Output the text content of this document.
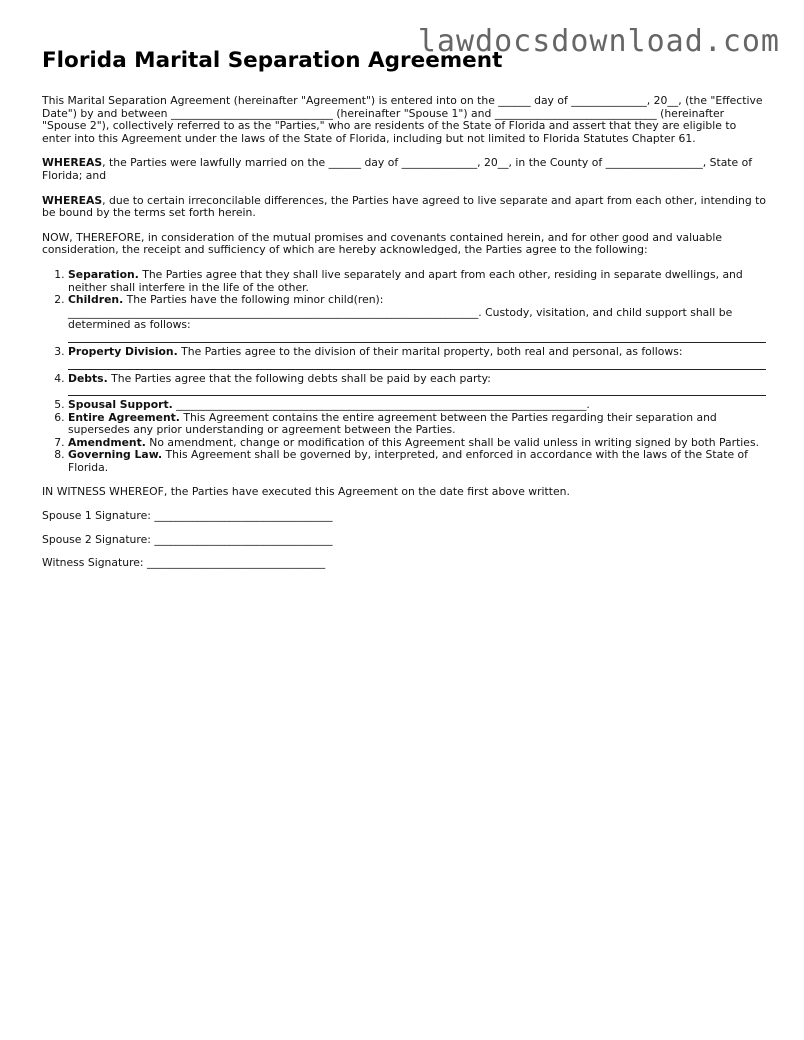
lawdocsdownload.com
Florida Marital Separation Agreement

This Marital Separation Agreement (hereinafter "Agreement") is entered into on the ______ day of ______________, 20__, (the "Effective Date") by and between ______________________________ (hereinafter "Spouse 1") and ______________________________ (hereinafter "Spouse 2"), collectively referred to as the "Parties," who are residents of the State of Florida and assert that they are eligible to enter into this Agreement under the laws of the State of Florida, including but not limited to Florida Statutes Chapter 61.

WHEREAS, the Parties were lawfully married on the ______ day of ______________, 20__, in the County of __________________, State of Florida; and

WHEREAS, due to certain irreconcilable differences, the Parties have agreed to live separate and apart from each other, intending to be bound by the terms set forth herein.

NOW, THEREFORE, in consideration of the mutual promises and covenants contained herein, and for other good and valuable consideration, the receipt and sufficiency of which are hereby acknowledged, the Parties agree to the following:

1. Separation. The Parties agree that they shall live separately and apart from each other, residing in separate dwellings, and neither shall interfere in the life of the other.
2. Children. The Parties have the following minor child(ren):
____________________________________________________________________________. Custody, visitation, and child support shall be determined as follows:
3. Property Division. The Parties agree to the division of their marital property, both real and personal, as follows:
4. Debts. The Parties agree that the following debts shall be paid by each party:
5. Spousal Support. ____________________________________________________________________________.
6. Entire Agreement. This Agreement contains the entire agreement between the Parties regarding their separation and supersedes any prior understanding or agreement between the Parties.
7. Amendment. No amendment, change or modification of this Agreement shall be valid unless in writing signed by both Parties.
8. Governing Law. This Agreement shall be governed by, interpreted, and enforced in accordance with the laws of the State of Florida.

IN WITNESS WHEREOF, the Parties have executed this Agreement on the date first above written.

Spouse 1 Signature: _________________________________

Spouse 2 Signature: _________________________________

Witness Signature: _________________________________
